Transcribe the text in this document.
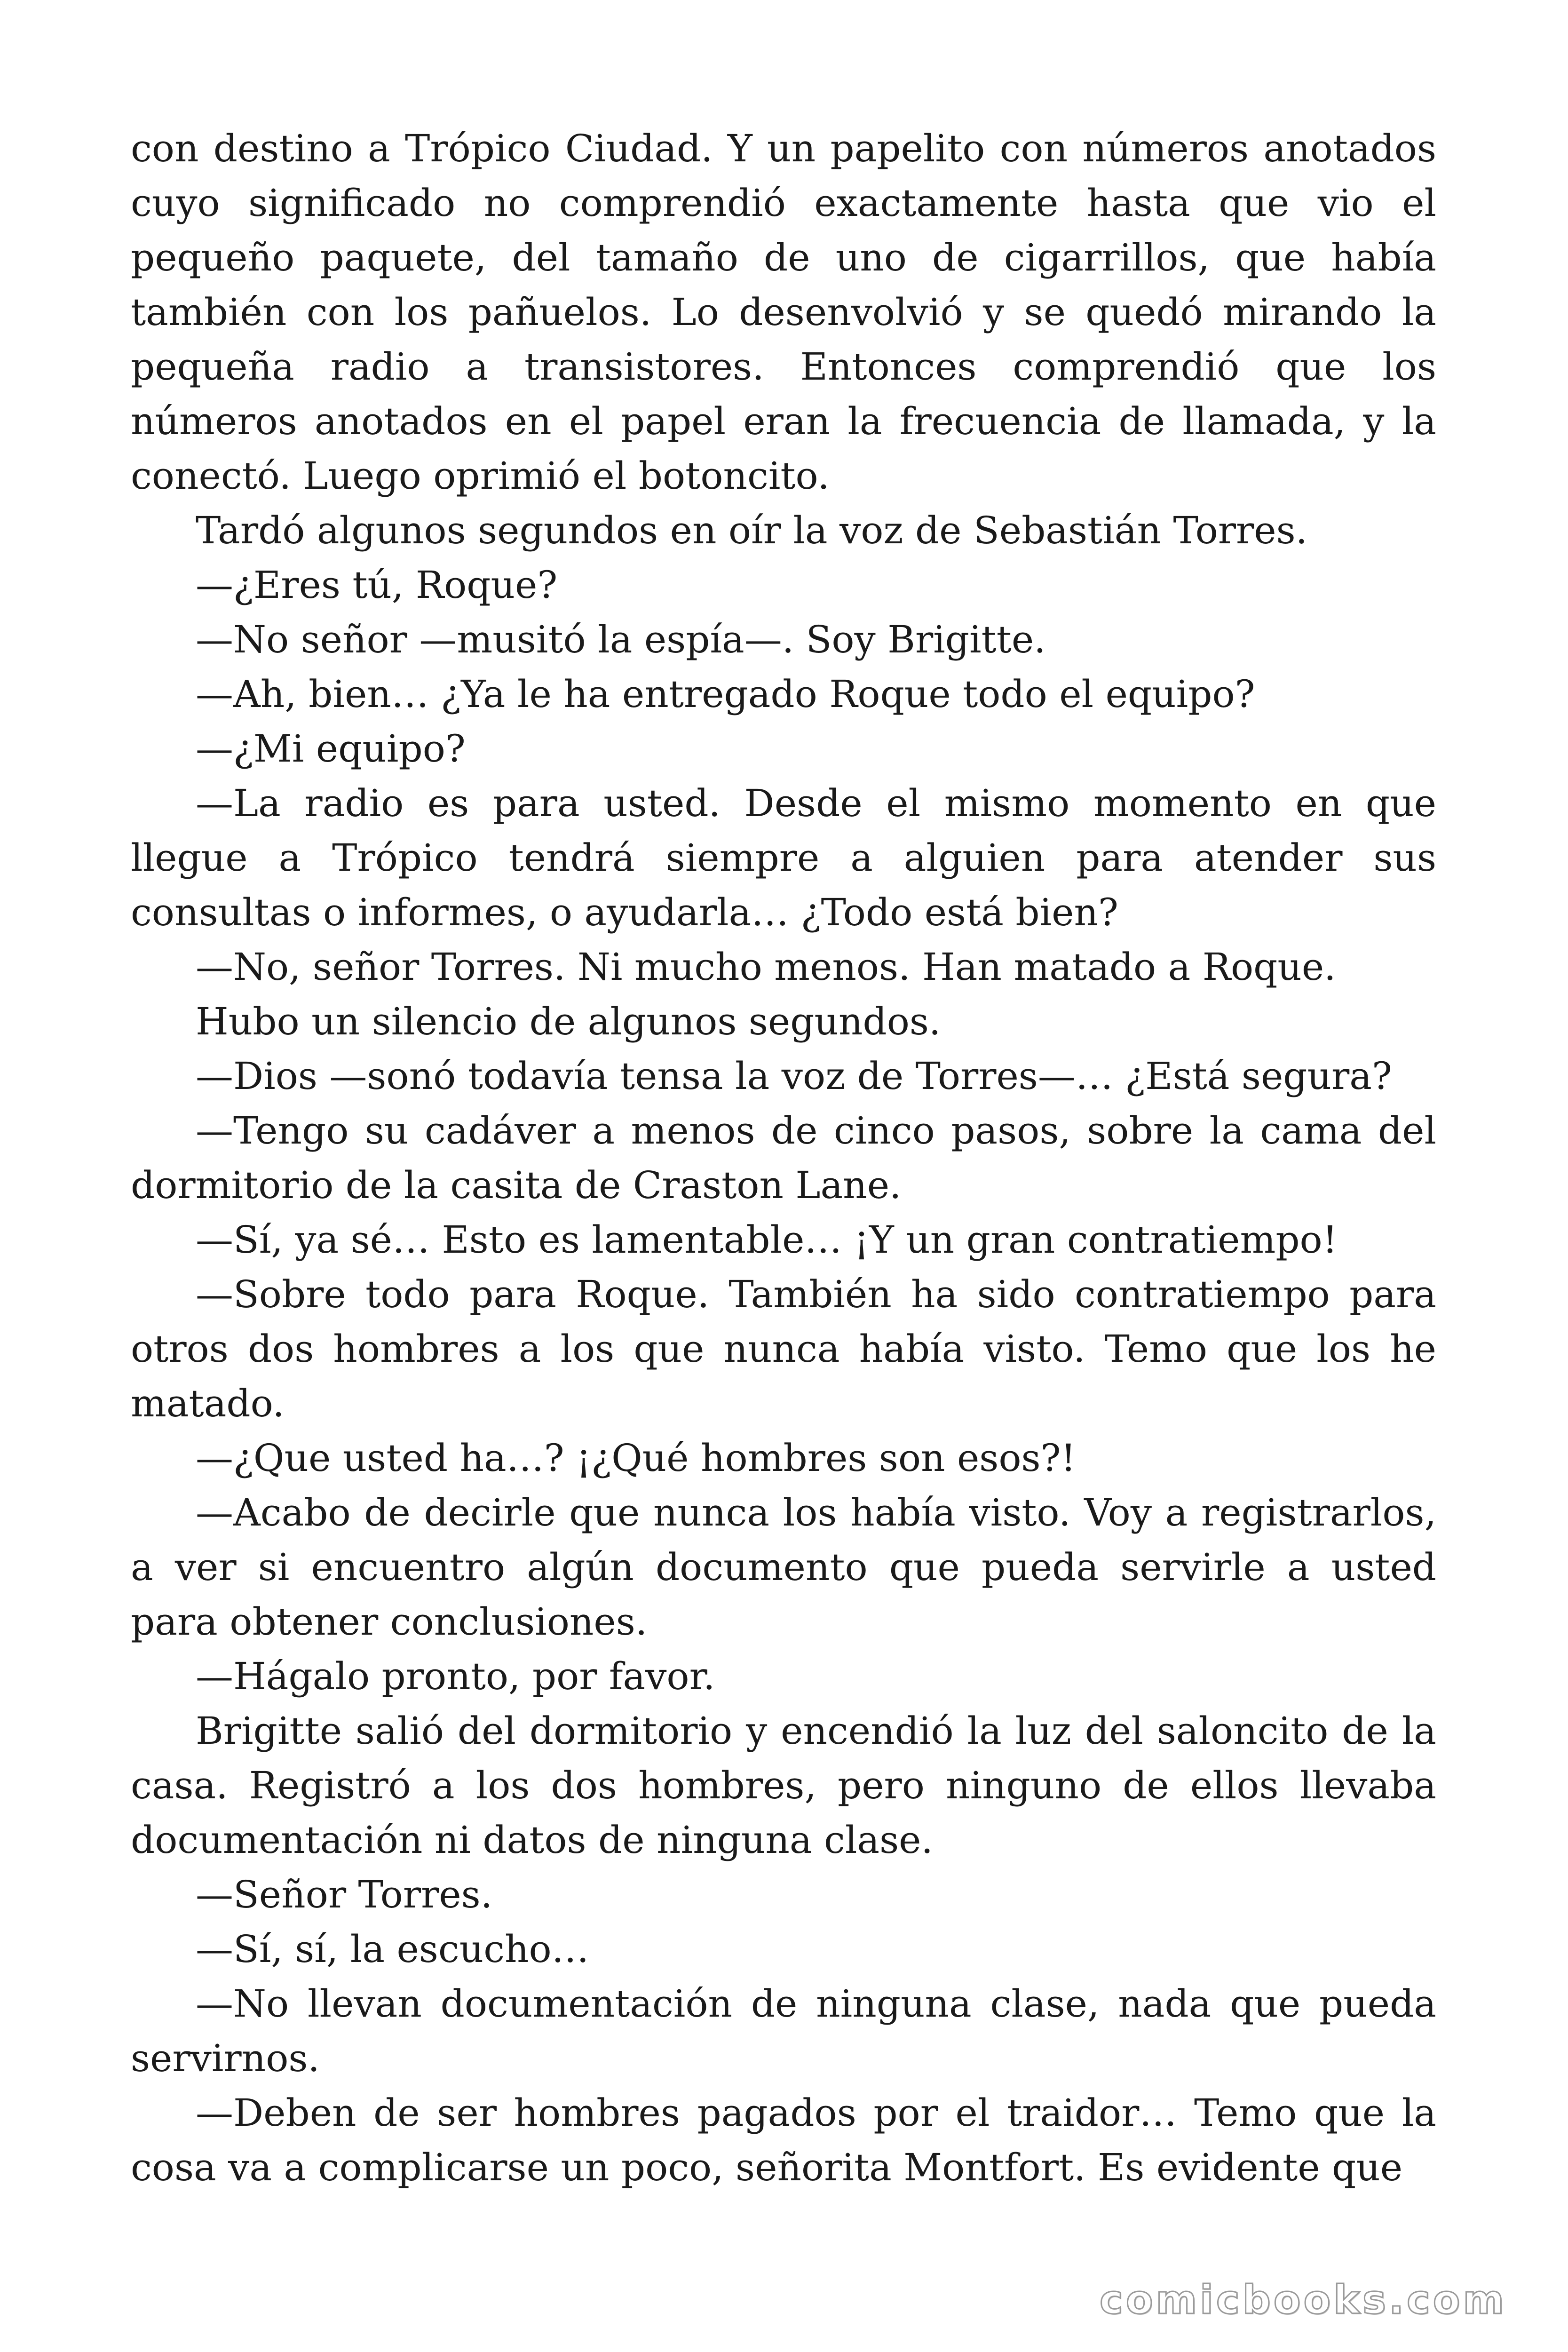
con destino a Trópico Ciudad. Y un papelito con números anotados cuyo significado no comprendió exactamente hasta que vio el pequeño paquete, del tamaño de uno de cigarrillos, que había también con los pañuelos. Lo desenvolvió y se quedó mirando la pequeña radio a transistores. Entonces comprendió que los números anotados en el papel eran la frecuencia de llamada, y la conectó. Luego oprimió el botoncito.

Tardó algunos segundos en oír la voz de Sebastián Torres.

—¿Eres tú, Roque?

—No señor —musitó la espía—. Soy Brigitte.

—Ah, bien… ¿Ya le ha entregado Roque todo el equipo?

—¿Mi equipo?

—La radio es para usted. Desde el mismo momento en que llegue a Trópico tendrá siempre a alguien para atender sus consultas o informes, o ayudarla… ¿Todo está bien?

—No, señor Torres. Ni mucho menos. Han matado a Roque.

Hubo un silencio de algunos segundos.

—Dios —sonó todavía tensa la voz de Torres—… ¿Está segura?

—Tengo su cadáver a menos de cinco pasos, sobre la cama del dormitorio de la casita de Craston Lane.

—Sí, ya sé… Esto es lamentable… ¡Y un gran contratiempo!

—Sobre todo para Roque. También ha sido contratiempo para otros dos hombres a los que nunca había visto. Temo que los he matado.

—¿Que usted ha…? ¡¿Qué hombres son esos?!

—Acabo de decirle que nunca los había visto. Voy a registrarlos, a ver si encuentro algún documento que pueda servirle a usted para obtener conclusiones.

—Hágalo pronto, por favor.

Brigitte salió del dormitorio y encendió la luz del saloncito de la casa. Registró a los dos hombres, pero ninguno de ellos llevaba documentación ni datos de ninguna clase.

—Señor Torres.

—Sí, sí, la escucho…

—No llevan documentación de ninguna clase, nada que pueda servirnos.

—Deben de ser hombres pagados por el traidor… Temo que la cosa va a complicarse un poco, señorita Montfort. Es evidente que

comicbooks.com
